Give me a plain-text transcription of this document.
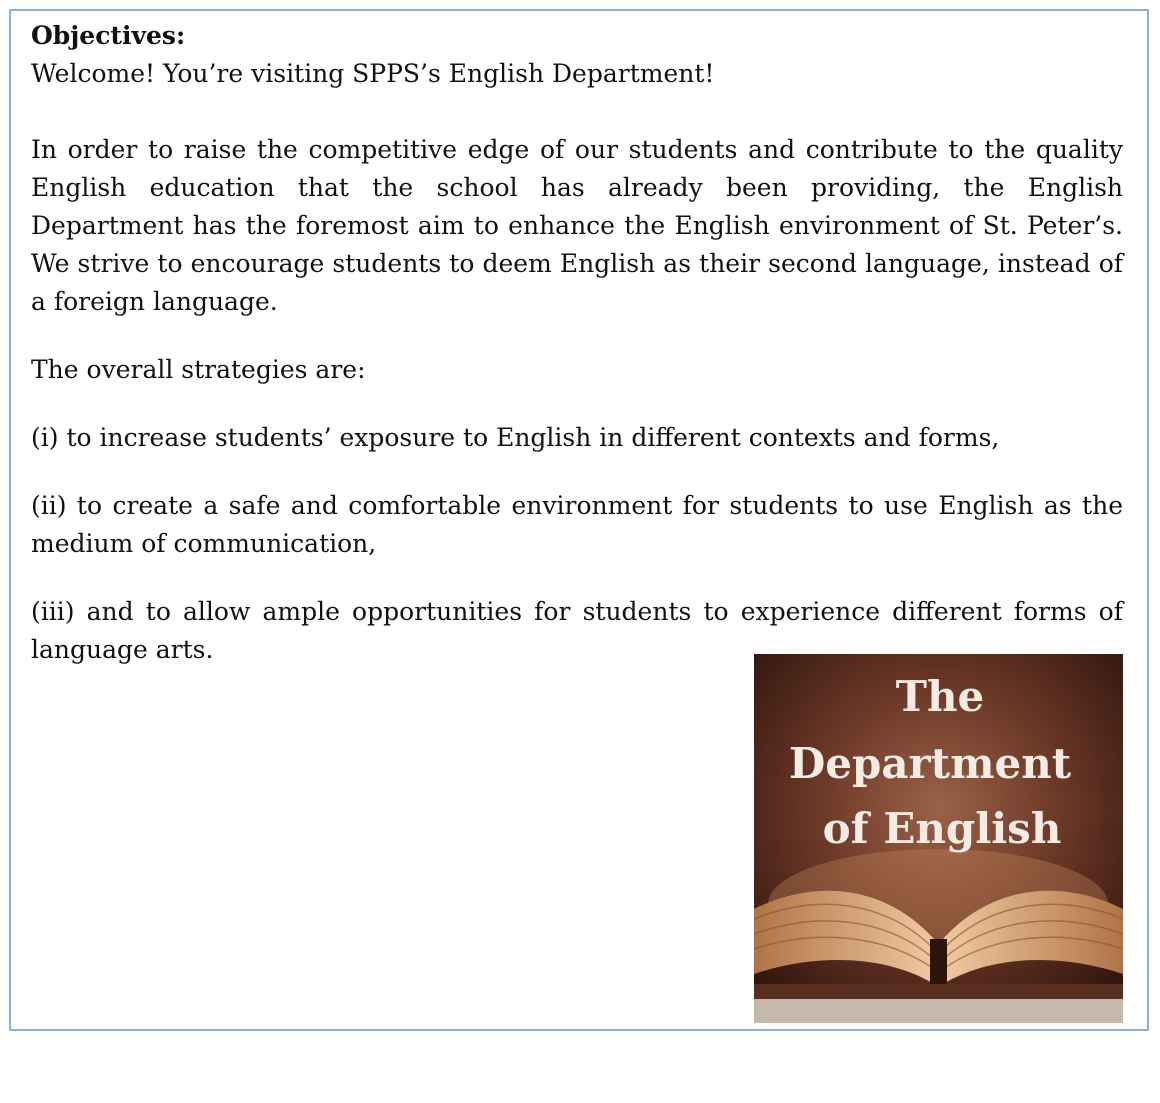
Objectives:

Welcome! You’re visiting SPPS’s English Department!

In order to raise the competitive edge of our students and contribute to the quality English education that the school has already been providing, the English Department has the foremost aim to enhance the English environment of St. Peter’s. We strive to encourage students to deem English as their second language, instead of a foreign language.

The overall strategies are:

(i) to increase students’ exposure to English in different contexts and forms,

(ii) to create a safe and comfortable environment for students to use English as the medium of communication,

(iii) and to allow ample opportunities for students to experience different forms of language arts.

The
Department
of English
